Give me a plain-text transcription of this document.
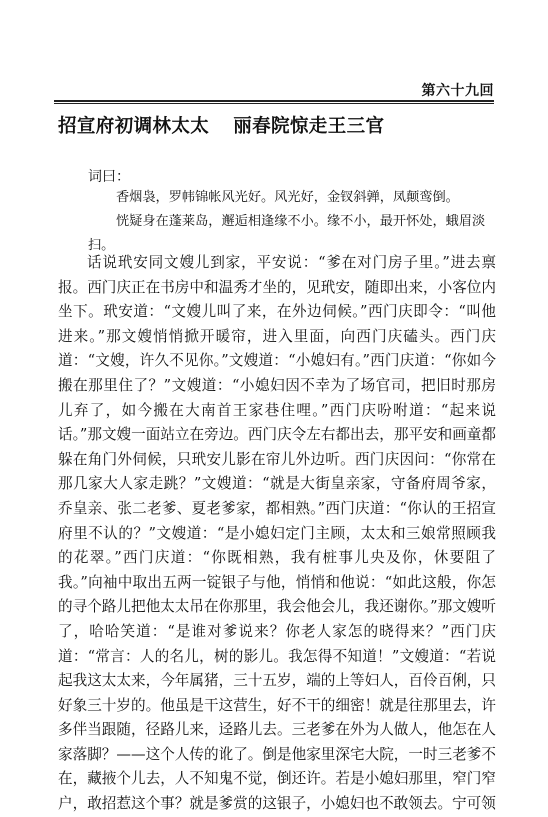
第六十九回
招宣府初调林太太 丽春院惊走王三官
词曰：

香烟袅，罗帏锦帐风光好。风光好，金钗斜亸，凤颠鸾倒。

恍疑身在蓬莱岛，邂逅相逢缘不小。缘不小，最开怀处，蛾眉淡扫。

话说玳安同文嫂儿到家，平安说：“爹在对门房子里。”进去禀报。西门庆正在书房中和温秀才坐的，见玳安，随即出来，小客位内坐下。玳安道：“文嫂儿叫了来，在外边伺候。”西门庆即令：“叫他进来。”那文嫂悄悄掀开暖帘，进入里面，向西门庆磕头。西门庆道：“文嫂，许久不见你。”文嫂道：“小媳妇有。”西门庆道：“你如今搬在那里住了？”文嫂道：“小媳妇因不幸为了场官司，把旧时那房儿弃了，如今搬在大南首王家巷住哩。”西门庆吩咐道：“起来说话。”那文嫂一面站立在旁边。西门庆令左右都出去，那平安和画童都躲在角门外伺候，只玳安儿影在帘儿外边听。西门庆因问：“你常在那几家大人家走跳？”文嫂道：“就是大街皇亲家，守备府周爷家，乔皇亲、张二老爹、夏老爹家，都相熟。”西门庆道：“你认的王招宣府里不认的？”文嫂道：“是小媳妇定门主顾，太太和三娘常照顾我的花翠。”西门庆道：“你既相熟，我有桩事儿央及你，休要阻了我。”向袖中取出五两一锭银子与他，悄悄和他说：“如此这般，你怎的寻个路儿把他太太吊在你那里，我会他会儿，我还谢你。”那文嫂听了，哈哈笑道：“是谁对爹说来？你老人家怎的晓得来？”西门庆道：“常言：人的名儿，树的影儿。我怎得不知道！”文嫂道：“若说起我这太太来，今年属猪，三十五岁，端的上等妇人，百伶百俐，只好象三十岁的。他虽是干这营生，好不干的细密！就是往那里去，许多伴当跟随，径路儿来，迳路儿去。三老爹在外为人做人，他怎在人家落脚？——这个人传的讹了。倒是他家里深宅大院，一时三老爹不在，藏掖个儿去，人不知鬼不觉，倒还许。若是小媳妇那里，窄门窄户，敢招惹这个事？就是爹赏的这银子，小媳妇也不敢领去。宁可领
